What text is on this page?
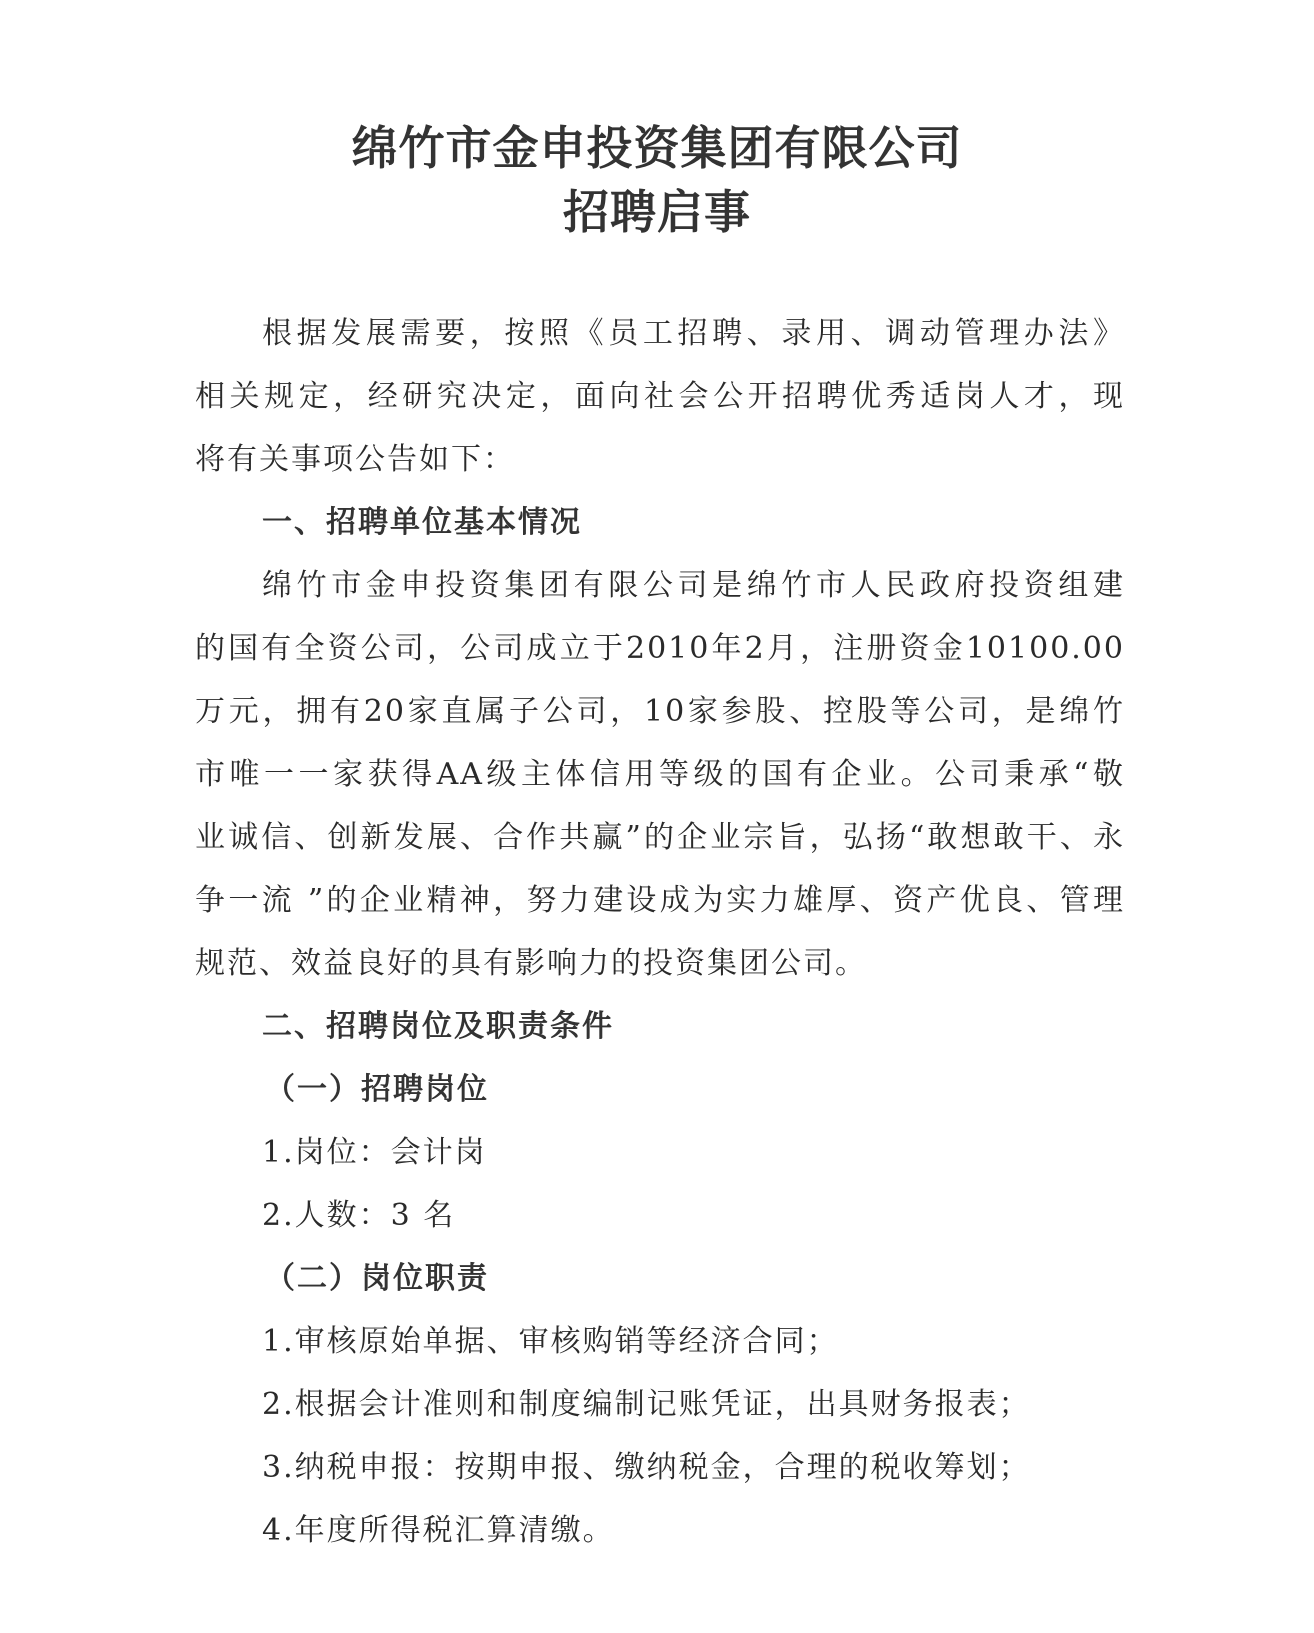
绵竹市金申投资集团有限公司
招聘启事
根据发展需要，按照《员工招聘、录用、调动管理办法》
相关规定，经研究决定，面向社会公开招聘优秀适岗人才，现
将有关事项公告如下：
一、招聘单位基本情况
绵竹市金申投资集团有限公司是绵竹市人民政府投资组建
的国有全资公司，公司成立于2010年2月，注册资金10100.00
万元，拥有20家直属子公司，10家参股、控股等公司，是绵竹
市唯一一家获得AA级主体信用等级的国有企业。公司秉承“敬
业诚信、创新发展、合作共赢”的企业宗旨，弘扬“敢想敢干、永
争一流 ”的企业精神，努力建设成为实力雄厚、资产优良、管理
规范、效益良好的具有影响力的投资集团公司。
二、招聘岗位及职责条件
（一）招聘岗位
1.岗位：会计岗
2.人数：3 名
（二）岗位职责
1.审核原始单据、审核购销等经济合同；
2.根据会计准则和制度编制记账凭证，出具财务报表；
3.纳税申报：按期申报、缴纳税金，合理的税收筹划；
4.年度所得税汇算清缴。
